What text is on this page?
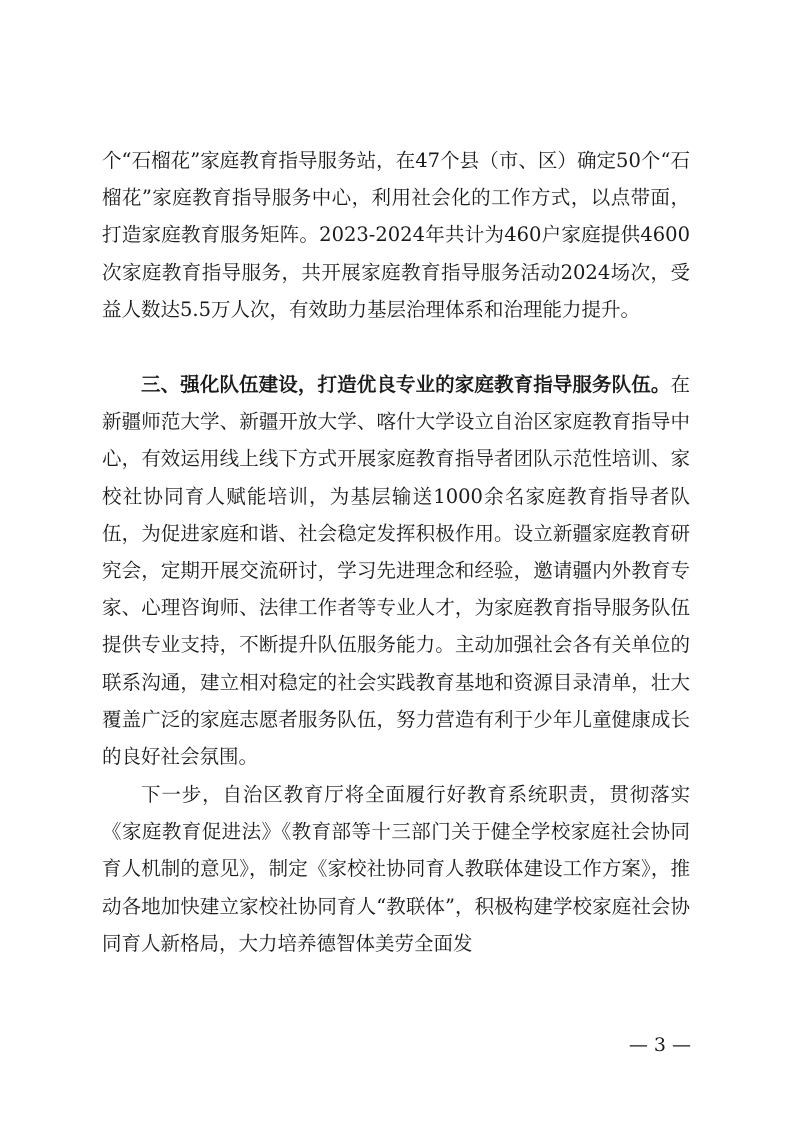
个“石榴花”家庭教育指导服务站，在47个县（市、区）确定50个“石榴花”家庭教育指导服务中心，利用社会化的工作方式，以点带面，打造家庭教育服务矩阵。2023-2024年共计为460户家庭提供4600次家庭教育指导服务，共开展家庭教育指导服务活动2024场次，受益人数达5.5万人次，有效助力基层治理体系和治理能力提升。

三、强化队伍建设，打造优良专业的家庭教育指导服务队伍。在新疆师范大学、新疆开放大学、喀什大学设立自治区家庭教育指导中心，有效运用线上线下方式开展家庭教育指导者团队示范性培训、家校社协同育人赋能培训，为基层输送1000余名家庭教育指导者队伍，为促进家庭和谐、社会稳定发挥积极作用。设立新疆家庭教育研究会，定期开展交流研讨，学习先进理念和经验，邀请疆内外教育专家、心理咨询师、法律工作者等专业人才，为家庭教育指导服务队伍提供专业支持，不断提升队伍服务能力。主动加强社会各有关单位的联系沟通，建立相对稳定的社会实践教育基地和资源目录清单，壮大覆盖广泛的家庭志愿者服务队伍，努力营造有利于少年儿童健康成长的良好社会氛围。

下一步，自治区教育厅将全面履行好教育系统职责，贯彻落实《家庭教育促进法》《教育部等十三部门关于健全学校家庭社会协同育人机制的意见》，制定《家校社协同育人教联体建设工作方案》，推动各地加快建立家校社协同育人“教联体”，积极构建学校家庭社会协同育人新格局，大力培养德智体美劳全面发

— 3 —
